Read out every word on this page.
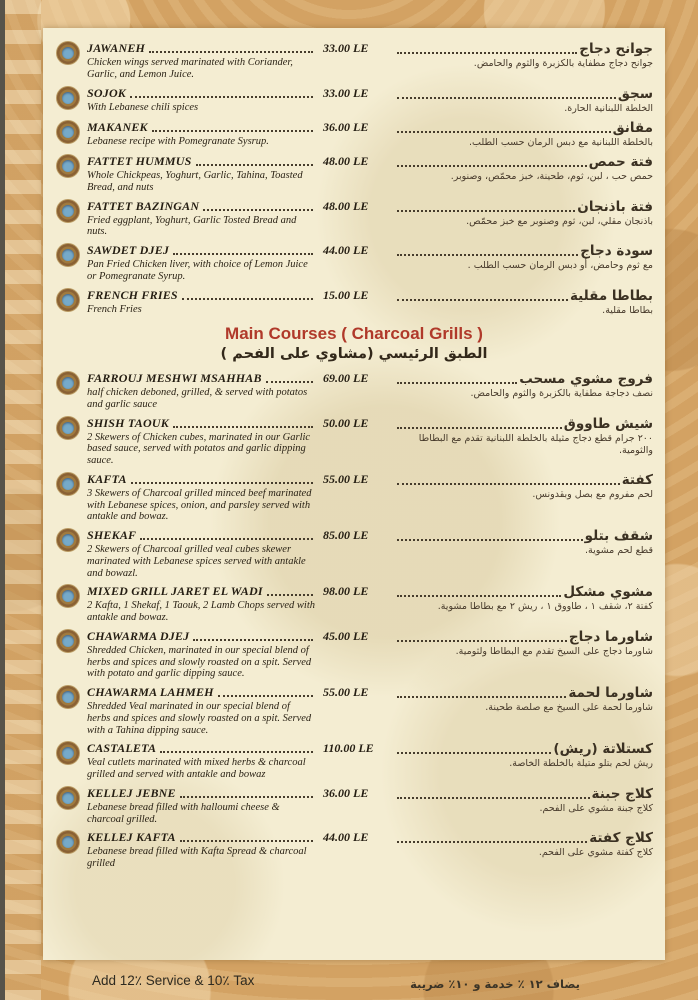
JAWANEH
Chicken wings served marinated with Coriander, Garlic, and Lemon Juice.
33.00 LE	جوانح دجاج
جوانح دجاج مطفاية بالكزبرة والثوم والحامض.
SOJOK
With Lebanese chili spices
33.00 LE	سجق
الخلطة اللبنانية الحارة.
MAKANEK
Lebanese recipe with Pomegranate Sysrup.
36.00 LE	مقانق
بالخلطة اللبنانية مع دبس الرمان حسب الطلب.
FATTET HUMMUS
Whole Chickpeas, Yoghurt, Garlic, Tahina, Toasted Bread, and nuts
48.00 LE	فتة حمص
حمص حب ، لبن، ثوم، طحينة، خبز محمّص، وصنوبر.
FATTET BAZINGAN
Fried eggplant, Yoghurt, Garlic Tosted Bread and nuts.
48.00 LE	فتة باذنجان
باذنجان مقلي، لبن، ثوم وصنوبر مع خبز محمّص.
SAWDET DJEJ
Pan Fried Chicken liver, with choice of Lemon Juice or Pomegranate Syrup.
44.00 LE	سودة دجاج
مع ثوم وحامض، أو دبس الرمان حسب الطلب .
FRENCH FRIES
French Fries
15.00 LE	بطاطا مقلية
بطاطا مقلية.
Main Courses ( Charcoal Grills )
الطبق الرئيسي (مشاوي على الفحم )
FARROUJ MESHWI MSAHHAB
half chicken deboned, grilled, & served with potatos and garlic sauce
69.00 LE	فروج مشوي مسحب
نصف دجاجة مطفاية بالكزبرة والثوم والحامض.
SHISH TAOUK
2 Skewers of Chicken cubes, marinated in our Garlic based sauce, served with potatos and garlic dipping sauce.
50.00 LE	شيش طاووق
٢٠٠ جرام قطع دجاج مثيلة بالخلطة اللبنانية تقدم مع البطاطا والثومية.
KAFTA
3 Skewers of Charcoal grilled minced beef marinated with Lebanese spices, onion, and parsley served with antakle and bowaz.
55.00 LE	كفتة
لحم مفروم مع بصل وبقدونس.
SHEKAF
2 Skewers of Charcoal grilled veal cubes skewer marinated with Lebanese spices served with antakle and bowazl.
85.00 LE	شقف بتلو
قطع لحم مشوية.
MIXED GRILL JARET EL WADI
2 Kafta, 1 Shekaf, 1 Taouk, 2 Lamb Chops served with antakle and bowaz.
98.00 LE	مشوي مشكل
كفتة ٢، شقف ١ ، طاووق ١ ، ريش ٢ مع بطاطا مشوية.
CHAWARMA DJEJ
Shredded Chicken, marinated in our special blend of herbs and spices and slowly roasted on a spit. Served with potato and garlic dipping sauce.
45.00 LE	شاورما دجاج
شاورما دجاج على السيخ تقدم مع البطاطا ولثومية.
CHAWARMA LAHMEH
Shredded Veal marinated in our special blend of herbs and spices and slowly roasted on a spit. Served with a Tahina dipping sauce.
55.00 LE	شاورما لحمة
شاورما لحمة على السيخ مع صلصة طحينة.
CASTALETA
Veal cutlets marinated with mixed herbs & charcoal grilled and served with antakle and bowaz
110.00 LE	كستلاتة (ريش)
ريش لحم بتلو متيلة بالخلطة الخاصة.
KELLEJ JEBNE
Lebanese bread filled with halloumi cheese & charcoal grilled.
36.00 LE	كلاج جبنة
كلاج جبنة مشوي على الفحم.
KELLEJ KAFTA
Lebanese bread filled with Kafta Spread & charcoal grilled
44.00 LE	كلاج كفتة
كلاج كفتة مشوي على الفحم.
Add 12٪ Service & 10٪ Tax	يضاف ١٢ ٪ خدمة و ١٠٪ ضريبة
